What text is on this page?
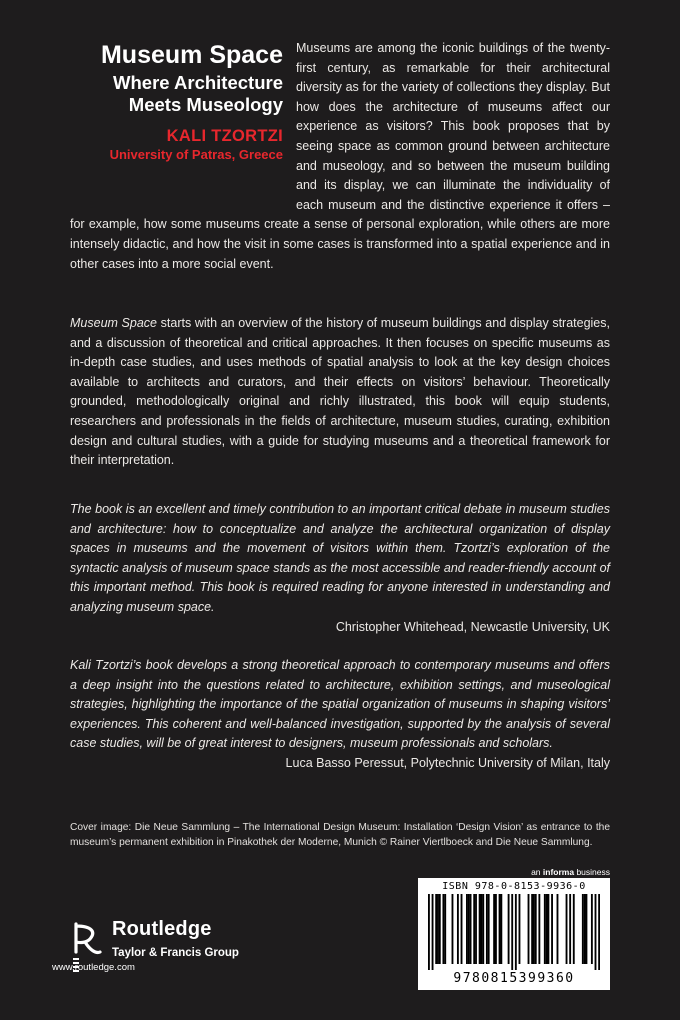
Museum Space
Where Architecture
Meets Museology
KALI TZORTZI
University of Patras, Greece

Museums are among the iconic buildings of the twenty-first century, as remarkable for their architectural diversity as for the variety of collections they display. But how does the architecture of museums affect our experience as visitors? This book proposes that by seeing space as common ground between architecture and museology, and so between the museum building and its display, we can illuminate the individuality of each museum and the distinctive experience it offers – for example, how some museums create a sense of personal exploration, while others are more intensely didactic, and how the visit in some cases is transformed into a spatial experience and in other cases into a more social event.

Museum Space starts with an overview of the history of museum buildings and display strategies, and a discussion of theoretical and critical approaches. It then focuses on specific museums as in-depth case studies, and uses methods of spatial analysis to look at the key design choices available to architects and curators, and their effects on visitors’ behaviour. Theoretically grounded, methodologically original and richly illustrated, this book will equip students, researchers and professionals in the fields of architecture, museum studies, curating, exhibition design and cultural studies, with a guide for studying museums and a theoretical framework for their interpretation.

The book is an excellent and timely contribution to an important critical debate in museum studies and architecture: how to conceptualize and analyze the architectural organization of display spaces in museums and the movement of visitors within them. Tzortzi’s exploration of the syntactic analysis of museum space stands as the most accessible and reader-friendly account of this important method. This book is required reading for anyone interested in understanding and analyzing museum space.
Christopher Whitehead, Newcastle University, UK
Kali Tzortzi’s book develops a strong theoretical approach to contemporary museums and offers a deep insight into the questions related to architecture, exhibition settings, and museological strategies, highlighting the importance of the spatial organization of museums in shaping visitors’ experiences. This coherent and well-balanced investigation, supported by the analysis of several case studies, will be of great interest to designers, museum professionals and scholars.
Luca Basso Peressut, Polytechnic University of Milan, Italy

Cover image: Die Neue Sammlung – The International Design Museum: Installation ‘Design Vision’ as entrance to the museum’s permanent exhibition in Pinakothek der Moderne, Munich © Rainer Viertlboeck and Die Neue Sammlung.

Routledge
Taylor & Francis Group
www.routledge.com
an informa business
ISBN 978-0-8153-9936-0
9780815399360
